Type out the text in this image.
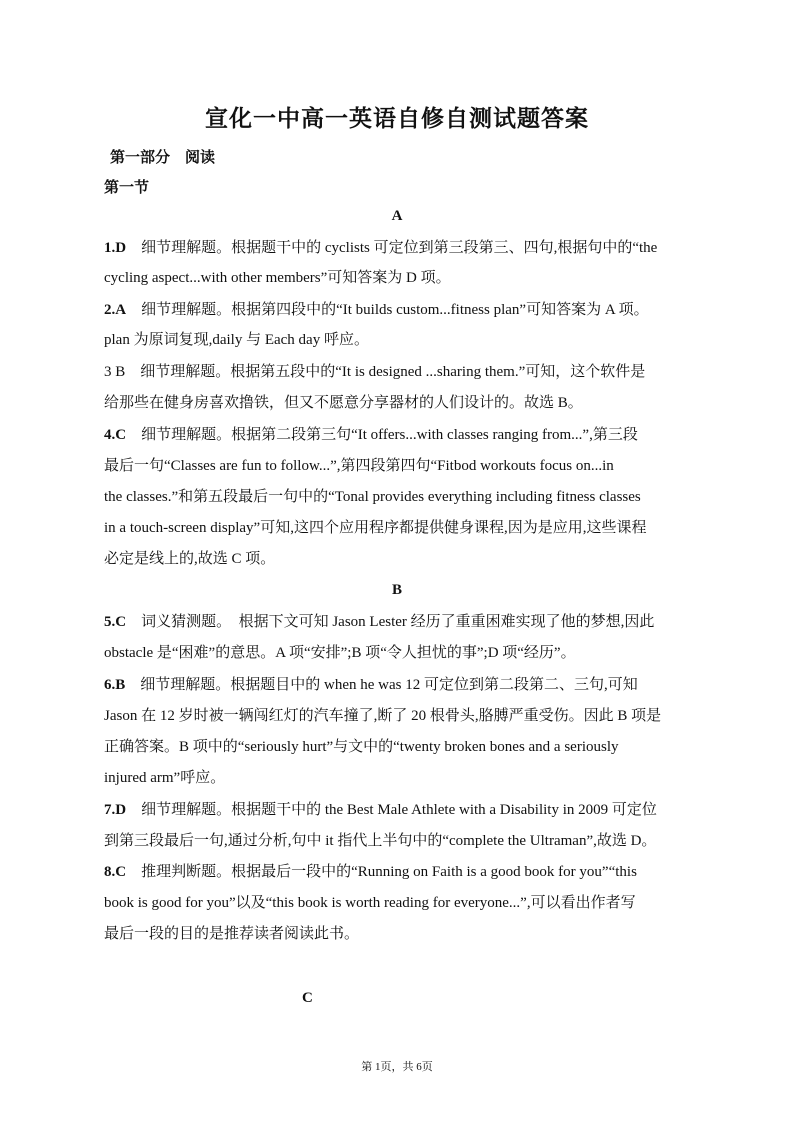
宣化一中高一英语自修自测试题答案
第一部分　阅读
第一节
A
1.D　细节理解题。根据题干中的 cyclists 可定位到第三段第三、四句,根据句中的“the
cycling aspect...with other members”可知答案为 D 项。
2.A　细节理解题。根据第四段中的“It builds custom...fitness plan”可知答案为 A 项。
plan 为原词复现,daily 与 Each day 呼应。
3 B　细节理解题。根据第五段中的“It is designed ...sharing them.”可知，这个软件是
给那些在健身房喜欢撸铁，但又不愿意分享器材的人们设计的。故选 B。
4.C　细节理解题。根据第二段第三句“It offers...with classes ranging from...”,第三段
最后一句“Classes are fun to follow...”,第四段第四句“Fitbod workouts focus on...in
the classes.”和第五段最后一句中的“Tonal provides everything including fitness classes
in a touch-screen display”可知,这四个应用程序都提供健身课程,因为是应用,这些课程
必定是线上的,故选 C 项。
B
5.C　词义猜测题。　根据下文可知 Jason Lester 经历了重重困难实现了他的梦想,因此
obstacle 是“困难”的意思。A 项“安排”;B 项“令人担忧的事”;D 项“经历”。
6.B　细节理解题。根据题目中的 when he was 12 可定位到第二段第二、三句,可知
Jason 在 12 岁时被一辆闯红灯的汽车撞了,断了 20 根骨头,胳膊严重受伤。因此 B 项是
正确答案。B 项中的“seriously hurt”与文中的“twenty broken bones and a seriously
injured arm”呼应。
7.D　细节理解题。根据题干中的 the Best Male Athlete with a Disability in 2009 可定位
到第三段最后一句,通过分析,句中 it 指代上半句中的“complete the Ultraman”,故选 D。
8.C　推理判断题。根据最后一段中的“Running on Faith is a good book for you”“this
book is good for you”以及“this book is worth reading for everyone...”,可以看出作者写
最后一段的目的是推荐读者阅读此书。
C
第 1页，共 6页
